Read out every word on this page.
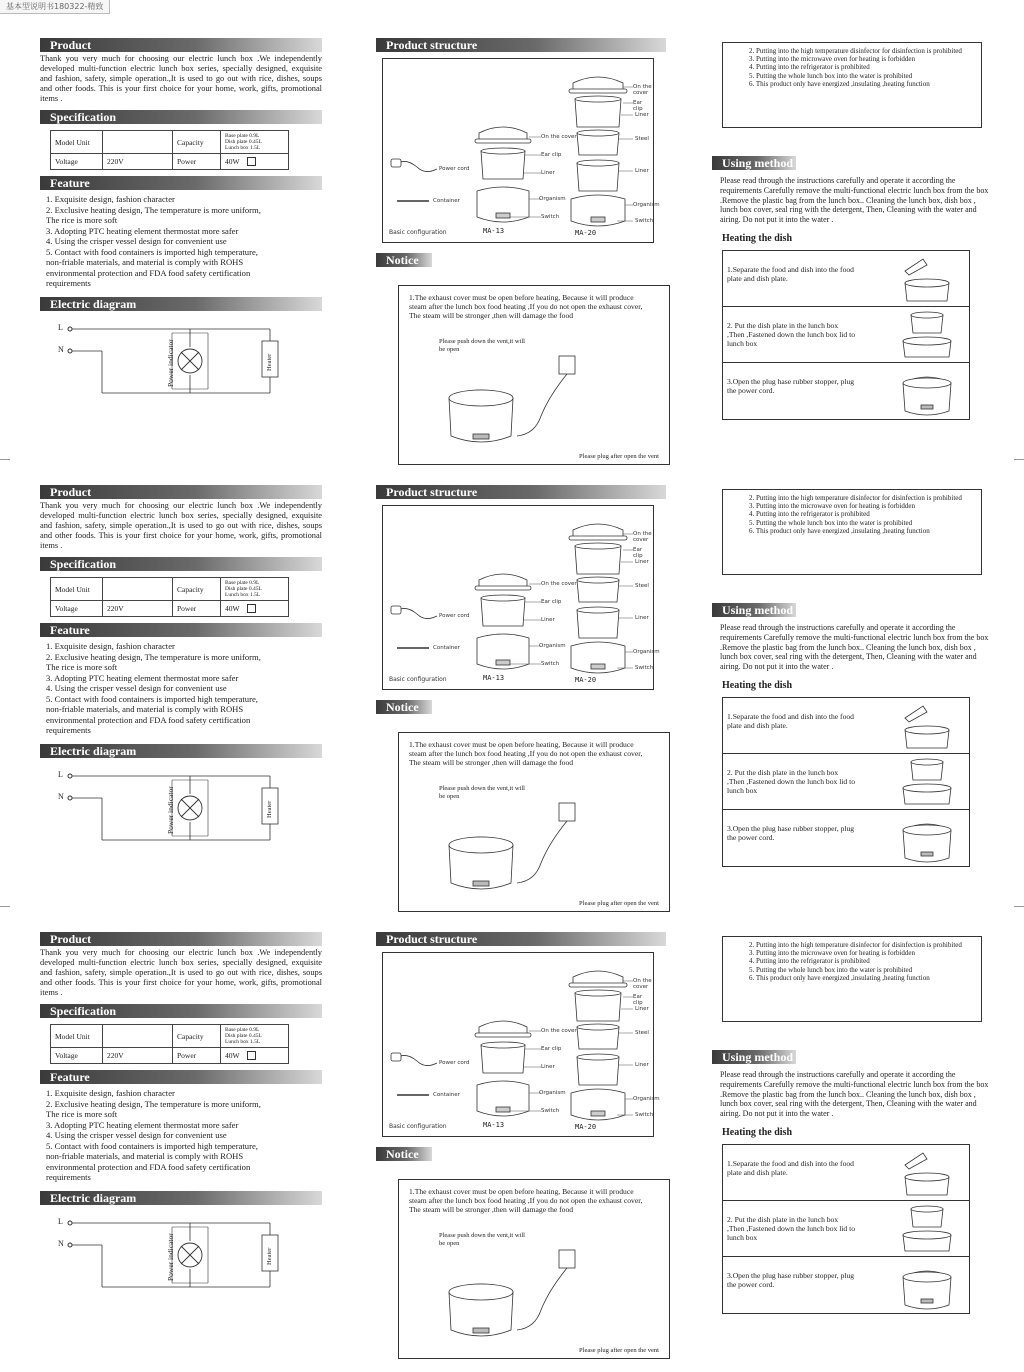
基本型说明书180322-精致
Product

Thank you very much for choosing our electric lunch box .We independently developed multi-function electric lunch box series, specially designed, exquisite and fashion, safety, simple operation.,It is used to go out with rice, dishes, soups and other foods. This is your first choice for your home, work, gifts, promotional items .

Specification
Model Unit		Capacity	Base plate 0.9L
Dish plate 0.45L
Lunch box 1.5L

Voltage	220V	Power	40W
Feature
1. Exquisite design, fashion character
2. Exclusive heating design, The temperature is more uniform,
The rice is more soft
3. Adopting PTC heating element thermostat more safer
4. Using the crisper vessel design for convenient use
5. Contact with food containers is imported high temperature,
non-friable materials, and material is comply with ROHS
environmental protection and FDA food safety certification
requirements
Electric diagram
L
N	Power indicator	Heater
Product structure
On the cover
Ear clip
Liner
Steel
Liner
Organism
Switch
On the cover
Ear clip
Liner
Organism
Switch
Power cord
Container
Basic configuration	MA-13	MA-20
Notice

1.The exhaust cover must be open before heating, Because it will produce steam after the lunch box food heating ,If you do not open the exhaust cover, The steam will be stronger ,then will damage the food

Please push down the vent,it will be open

Please plug after open the vent
2. Putting into the high temperature disinfector for disinfection is prohibited
3. Putting into the microwave oven for heating is forbidden
4. Putting into the refrigerator is prohibited
5. Putting the whole lunch box into the water is prohibited
6. This product only have energized ,insulating ,heating function
Using method

Please read through the instructions carefully and operate it according the requirements Carefully remove the multi-functional electric lunch box from the box .Remove the plastic bag from the lunch box.. Cleaning the lunch box, dish box , lunch box cover, seal ring with the detergent, Then, Cleaning with the water and airing. Do not put it into the water .

Heating the dish

1.Separate the food and dish into the food plate and dish plate.

2. Put the dish plate in the lunch box ,Then ,Fastened down the lunch box lid to lunch box

3.Open the plug hase rubber stopper, plug the power cord.

Product

Thank you very much for choosing our electric lunch box .We independently developed multi-function electric lunch box series, specially designed, exquisite and fashion, safety, simple operation.,It is used to go out with rice, dishes, soups and other foods. This is your first choice for your home, work, gifts, promotional items .

Specification
Model Unit		Capacity	Base plate 0.9L
Dish plate 0.45L
Lunch box 1.5L

Voltage	220V	Power	40W
Feature
1. Exquisite design, fashion character
2. Exclusive heating design, The temperature is more uniform,
The rice is more soft
3. Adopting PTC heating element thermostat more safer
4. Using the crisper vessel design for convenient use
5. Contact with food containers is imported high temperature,
non-friable materials, and material is comply with ROHS
environmental protection and FDA food safety certification
requirements
Electric diagram
L
N	Power indicator	Heater
Product structure
On the cover
Ear clip
Liner
Steel
Liner
Organism
Switch
On the cover
Ear clip
Liner
Organism
Switch
Power cord
Container
Basic configuration	MA-13	MA-20
Notice

1.The exhaust cover must be open before heating, Because it will produce steam after the lunch box food heating ,If you do not open the exhaust cover, The steam will be stronger ,then will damage the food

Please push down the vent,it will be open

Please plug after open the vent
2. Putting into the high temperature disinfector for disinfection is prohibited
3. Putting into the microwave oven for heating is forbidden
4. Putting into the refrigerator is prohibited
5. Putting the whole lunch box into the water is prohibited
6. This product only have energized ,insulating ,heating function
Using method

Please read through the instructions carefully and operate it according the requirements Carefully remove the multi-functional electric lunch box from the box .Remove the plastic bag from the lunch box.. Cleaning the lunch box, dish box , lunch box cover, seal ring with the detergent, Then, Cleaning with the water and airing. Do not put it into the water .

Heating the dish

1.Separate the food and dish into the food plate and dish plate.

2. Put the dish plate in the lunch box ,Then ,Fastened down the lunch box lid to lunch box

3.Open the plug hase rubber stopper, plug the power cord.

Product

Thank you very much for choosing our electric lunch box .We independently developed multi-function electric lunch box series, specially designed, exquisite and fashion, safety, simple operation.,It is used to go out with rice, dishes, soups and other foods. This is your first choice for your home, work, gifts, promotional items .

Specification
Model Unit		Capacity	Base plate 0.9L
Dish plate 0.45L
Lunch box 1.5L

Voltage	220V	Power	40W
Feature
1. Exquisite design, fashion character
2. Exclusive heating design, The temperature is more uniform,
The rice is more soft
3. Adopting PTC heating element thermostat more safer
4. Using the crisper vessel design for convenient use
5. Contact with food containers is imported high temperature,
non-friable materials, and material is comply with ROHS
environmental protection and FDA food safety certification
requirements
Electric diagram
L
N	Power indicator	Heater
Product structure
On the cover
Ear clip
Liner
Steel
Liner
Organism
Switch
On the cover
Ear clip
Liner
Organism
Switch
Power cord
Container
Basic configuration	MA-13	MA-20
Notice

1.The exhaust cover must be open before heating, Because it will produce steam after the lunch box food heating ,If you do not open the exhaust cover, The steam will be stronger ,then will damage the food

Please push down the vent,it will be open

Please plug after open the vent
2. Putting into the high temperature disinfector for disinfection is prohibited
3. Putting into the microwave oven for heating is forbidden
4. Putting into the refrigerator is prohibited
5. Putting the whole lunch box into the water is prohibited
6. This product only have energized ,insulating ,heating function
Using method

Please read through the instructions carefully and operate it according the requirements Carefully remove the multi-functional electric lunch box from the box .Remove the plastic bag from the lunch box.. Cleaning the lunch box, dish box , lunch box cover, seal ring with the detergent, Then, Cleaning with the water and airing. Do not put it into the water .

Heating the dish

1.Separate the food and dish into the food plate and dish plate.

2. Put the dish plate in the lunch box ,Then ,Fastened down the lunch box lid to lunch box

3.Open the plug hase rubber stopper, plug the power cord.
